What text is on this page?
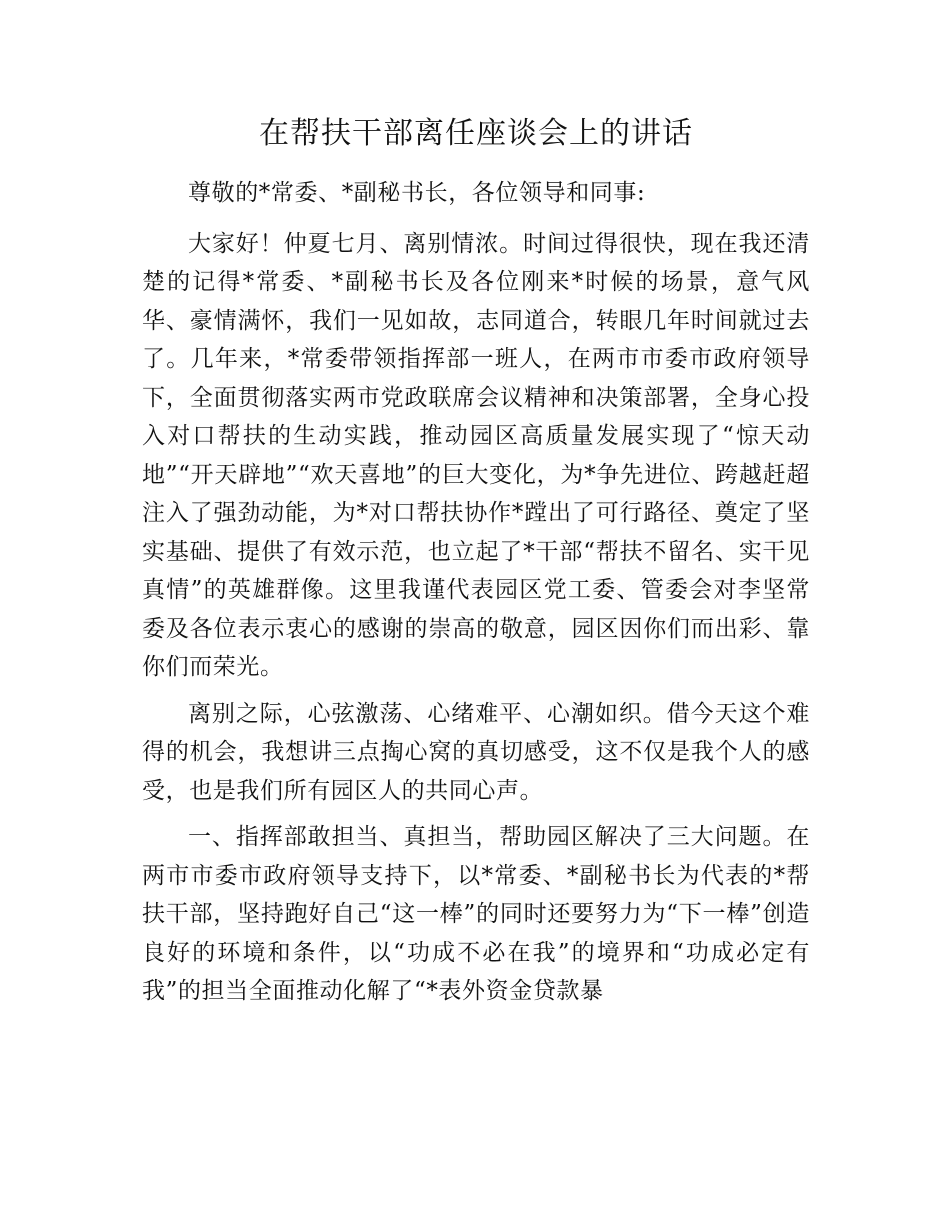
在帮扶干部离任座谈会上的讲话

尊敬的*常委、*副秘书长，各位领导和同事:

大家好！仲夏七月、离别情浓。时间过得很快，现在我还清楚的记得*常委、*副秘书长及各位刚来*时候的场景，意气风华、豪情满怀，我们一见如故，志同道合，转眼几年时间就过去了。几年来，*常委带领指挥部一班人，在两市市委市政府领导下，全面贯彻落实两市党政联席会议精神和决策部署，全身心投入对口帮扶的生动实践，推动园区高质量发展实现了“惊天动地”“开天辟地”“欢天喜地”的巨大变化，为*争先进位、跨越赶超注入了强劲动能，为*对口帮扶协作*蹚出了可行路径、奠定了坚实基础、提供了有效示范，也立起了*干部“帮扶不留名、实干见真情”的英雄群像。这里我谨代表园区党工委、管委会对李坚常委及各位表示衷心的感谢的崇高的敬意，园区因你们而出彩、靠你们而荣光。

离别之际，心弦激荡、心绪难平、心潮如织。借今天这个难得的机会，我想讲三点掏心窝的真切感受，这不仅是我个人的感受，也是我们所有园区人的共同心声。

一、指挥部敢担当、真担当，帮助园区解决了三大问题。在两市市委市政府领导支持下，以*常委、*副秘书长为代表的*帮扶干部，坚持跑好自己“这一棒”的同时还要努力为“下一棒”创造良好的环境和条件，以“功成不必在我”的境界和“功成必定有我”的担当全面推动化解了“*表外资金贷款暴
